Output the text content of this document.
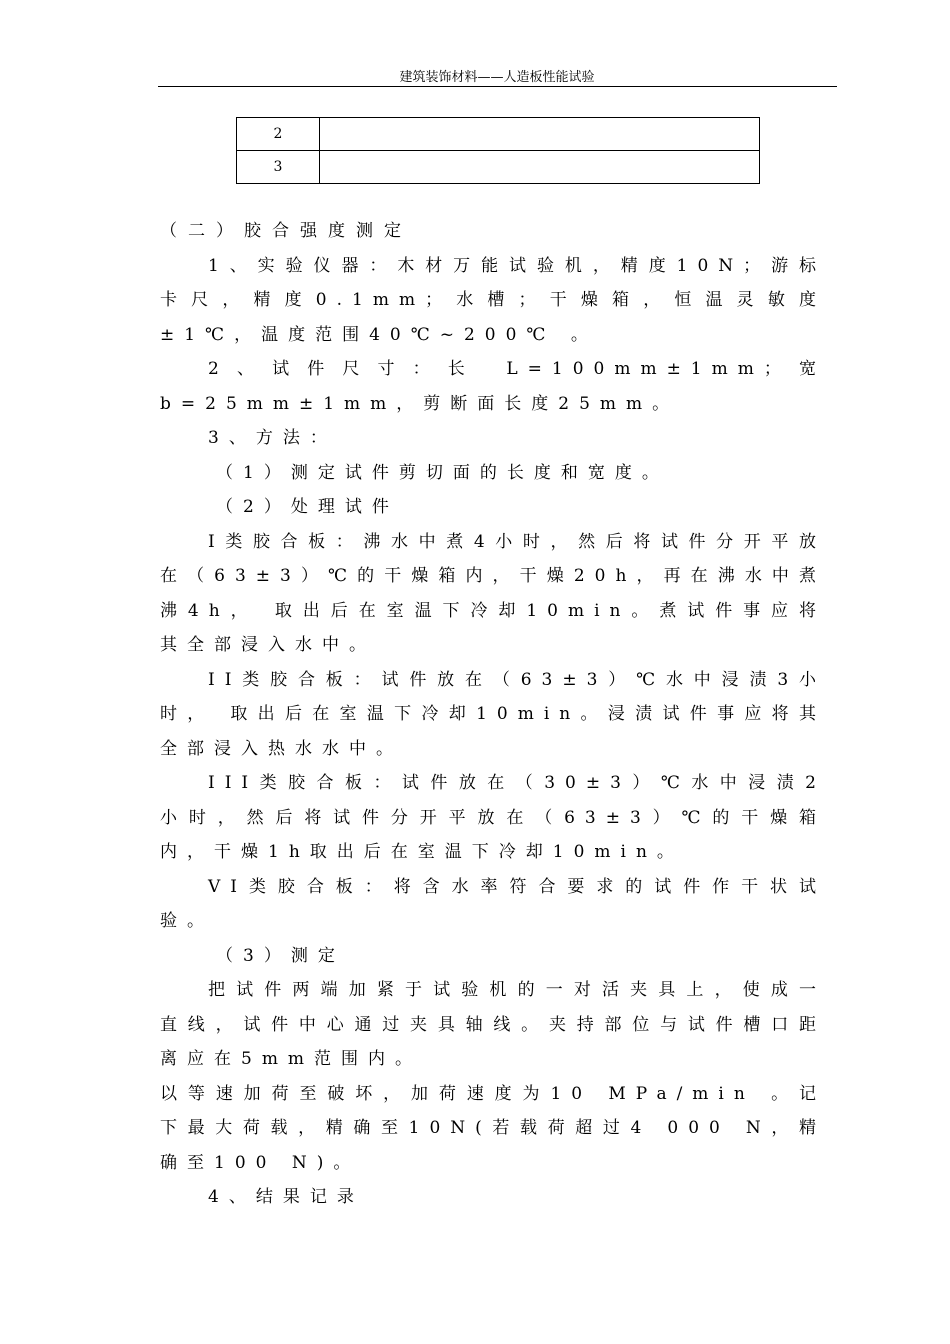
建筑装饰材料——人造板性能试验
2	
3	

（二）胶合强度测定

1、实验仪器：木材万能试验机，精度10N；游标卡尺，精度0.1mm；水槽；干燥箱，恒温灵敏度±1℃，温度范围40℃~200℃ 。

2、试件尺寸：长 L=100mm±1mm；宽 b=25mm±1mm，剪断面长度25mm。

3、方法：

（1）测定试件剪切面的长度和宽度。

（2）处理试件

I类胶合板：沸水中煮4小时，然后将试件分开平放在（63±3）℃的干燥箱内，干燥20h，再在沸水中煮沸4h， 取出后在室温下冷却10min。煮试件事应将其全部浸入水中。

II类胶合板：试件放在（63±3）℃水中浸渍3小时， 取出后在室温下冷却10min。浸渍试件事应将其全部浸入热水水中。

III类胶合板：试件放在（30±3）℃水中浸渍2小时，然后将试件分开平放在（63±3）℃的干燥箱内，干燥1h取出后在室温下冷却10min。

VI类胶合板：将含水率符合要求的试件作干状试验。

（3）测定

把试件两端加紧于试验机的一对活夹具上，使成一直线，试件中心通过夹具轴线。夹持部位与试件槽口距离应在5mm范围内。

以等速加荷至破坏，加荷速度为10 MPa/min 。记下最大荷载，精确至10N(若载荷超过4 000 N，精确至100 N)。

4、结果记录
